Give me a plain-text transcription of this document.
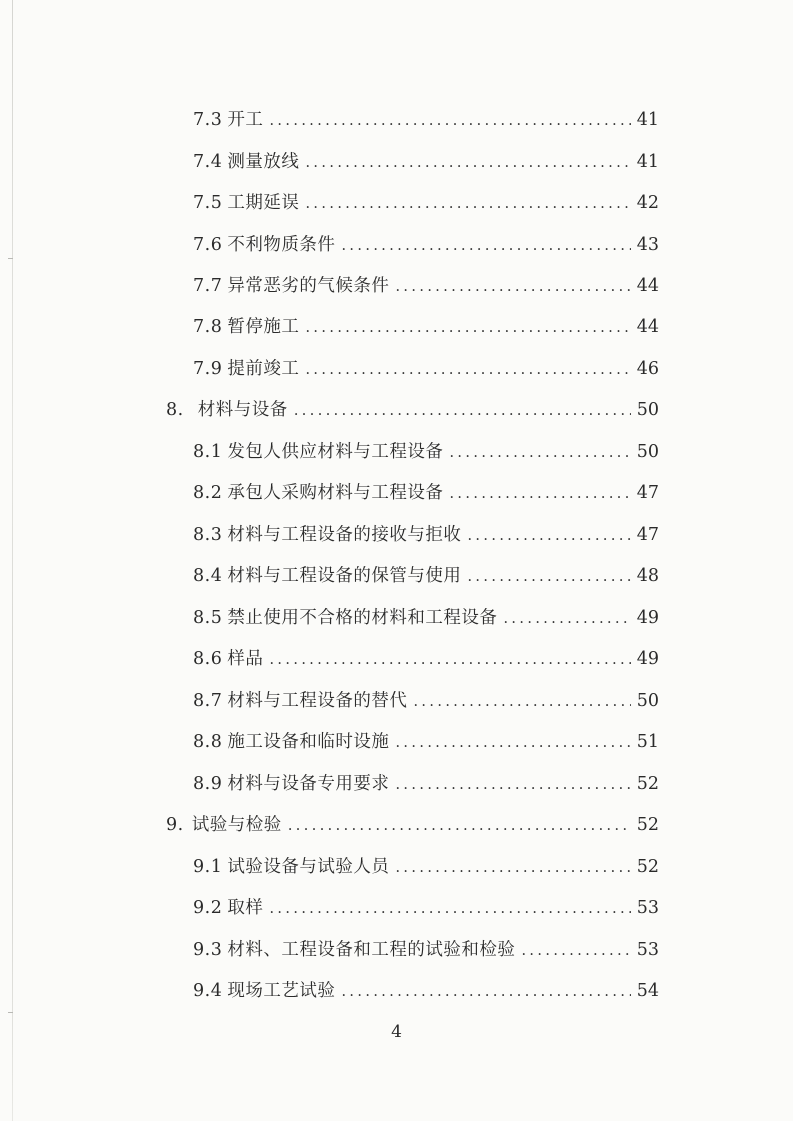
7.3 开工 .....	41
7.4 测量放线 .....	41
7.5 工期延误 .....	42
7.6 不利物质条件 .....	43
7.7 异常恶劣的气候条件 .....	44
7.8 暂停施工 .....	44
7.9 提前竣工 .....	46
8. 材料与设备 .....	50
8.1 发包人供应材料与工程设备 .....	50
8.2 承包人采购材料与工程设备 .....	47
8.3 材料与工程设备的接收与拒收 .....	47
8.4 材料与工程设备的保管与使用 .....	48
8.5 禁止使用不合格的材料和工程设备 .....	49
8.6 样品 .....	49
8.7 材料与工程设备的替代 .....	50
8.8 施工设备和临时设施 .....	51
8.9 材料与设备专用要求 .....	52
9. 试验与检验 .....	52
9.1 试验设备与试验人员 .....	52
9.2 取样 .....	53
9.3 材料、工程设备和工程的试验和检验 .....	53
9.4 现场工艺试验 .....	54
4
